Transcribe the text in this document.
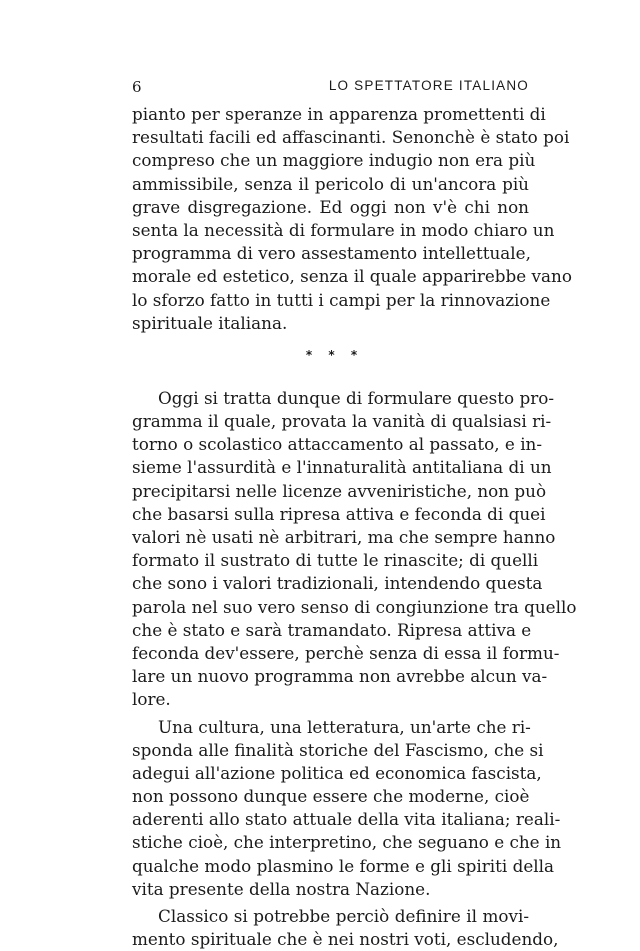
6	LO SPETTATORE ITALIANO
pianto per speranze in apparenza promettenti di
resultati facili ed affascinanti. Senonchè è stato poi
compreso che un maggiore indugio non era più
ammissibile, senza il pericolo di un'ancora più
grave disgregazione. Ed oggi non v'è chi non
senta la necessità di formulare in modo chiaro un
programma di vero assestamento intellettuale,
morale ed estetico, senza il quale apparirebbe vano
lo sforzo fatto in tutti i campi per la rinnovazione
spirituale italiana.
* * *
Oggi si tratta dunque di formulare questo pro-
gramma il quale, provata la vanità di qualsiasi ri-
torno o scolastico attaccamento al passato, e in-
sieme l'assurdità e l'innaturalità antitaliana di un
precipitarsi nelle licenze avveniristiche, non può
che basarsi sulla ripresa attiva e feconda di quei
valori nè usati nè arbitrari, ma che sempre hanno
formato il sustrato di tutte le rinascite; di quelli
che sono i valori tradizionali, intendendo questa
parola nel suo vero senso di congiunzione tra quello
che è stato e sarà tramandato. Ripresa attiva e
feconda dev'essere, perchè senza di essa il formu-
lare un nuovo programma non avrebbe alcun va-
lore.
Una cultura, una letteratura, un'arte che ri-
sponda alle finalità storiche del Fascismo, che si
adegui all'azione politica ed economica fascista,
non possono dunque essere che moderne, cioè
aderenti allo stato attuale della vita italiana; reali-
stiche cioè, che interpretino, che seguano e che in
qualche modo plasmino le forme e gli spiriti della
vita presente della nostra Nazione.
Classico si potrebbe perciò definire il movi-
mento spirituale che è nei nostri voti, escludendo,
